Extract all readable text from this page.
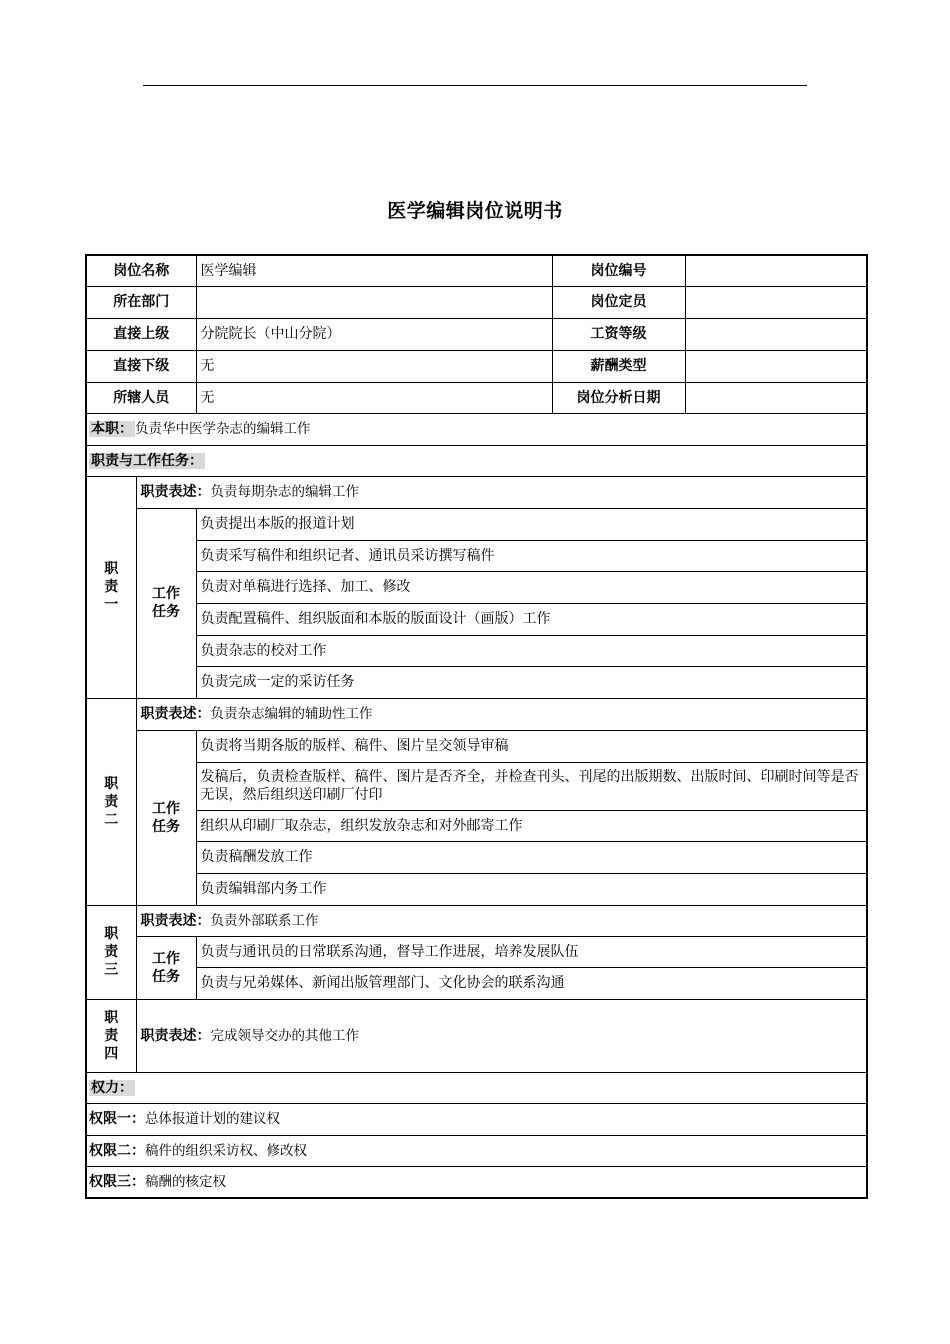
医学编辑岗位说明书
岗位名称		医学编辑	岗位编号	
所在部门			岗位定员	
直接上级		分院院长（中山分院）	工资等级	
直接下级		无	薪酬类型	
所辖人员		无	岗位分析日期	
本职： 负责华中医学杂志的编辑工作				
职责与工作任务：				

职
责
一	职责表述：负责每期杂志的编辑工作			

	工作
任务	负责提出本版的报道计划		
		负责采写稿件和组织记者、通讯员采访撰写稿件		
		负责对单稿进行选择、加工、修改		
		负责配置稿件、组织版面和本版的版面设计（画版）工作		
		负责杂志的校对工作		
		负责完成一定的采访任务		

职
责
二	职责表述：负责杂志编辑的辅助性工作			

	工作
任务	负责将当期各版的版样、稿件、图片呈交领导审稿		
		发稿后，负责检查版样、稿件、图片是否齐全，并检查刊头、刊尾的出版期数、出版时间、印刷时间等是否无误，然后组织送印刷厂付印		
		组织从印刷厂取杂志，组织发放杂志和对外邮寄工作		
		负责稿酬发放工作		
		负责编辑部内务工作		

职
责
三	职责表述：负责外部联系工作			

	工作
任务	负责与通讯员的日常联系沟通，督导工作进展，培养发展队伍		
		负责与兄弟媒体、新闻出版管理部门、文化协会的联系沟通		

职
责
四	职责表述：完成领导交办的其他工作			
权力：				
权限一：总体报道计划的建议权				
权限二：稿件的组织采访权、修改权				
权限三：稿酬的核定权				
